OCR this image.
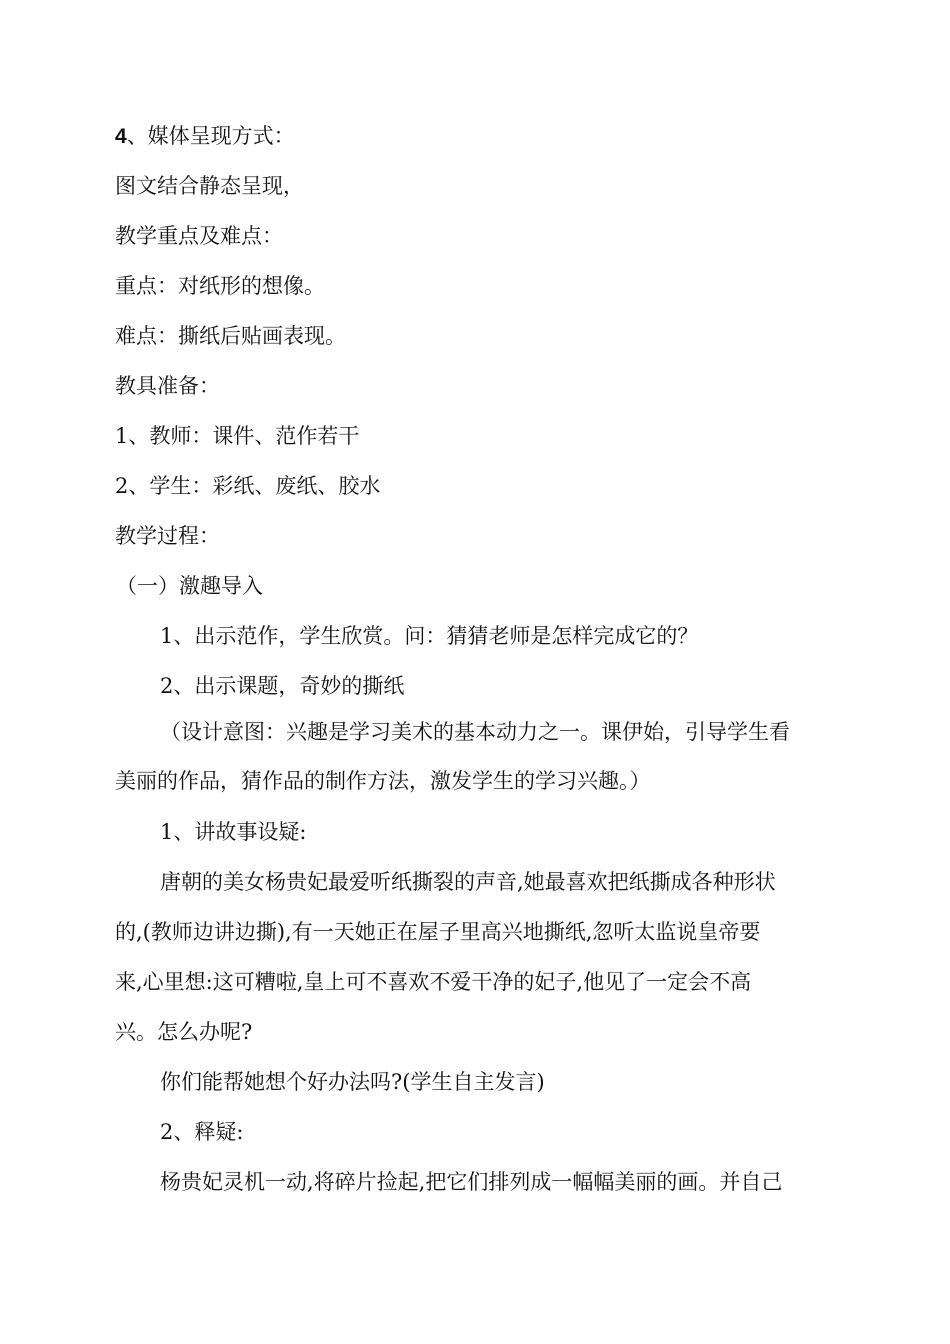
4、媒体呈现方式：
图文结合静态呈现，
教学重点及难点：
重点：对纸形的想像。
难点：撕纸后贴画表现。
教具准备：
1、教师：课件、范作若干
2、学生：彩纸、废纸、胶水
教学过程：
（一）激趣导入
1、出示范作，学生欣赏。问：猜猜老师是怎样完成它的？
2、出示课题，奇妙的撕纸
（设计意图：兴趣是学习美术的基本动力之一。课伊始，引导学生看
美丽的作品，猜作品的制作方法，激发学生的学习兴趣。）
1、讲故事设疑:
唐朝的美女杨贵妃最爱听纸撕裂的声音,她最喜欢把纸撕成各种形状
的,(教师边讲边撕),有一天她正在屋子里高兴地撕纸,忽听太监说皇帝要
来,心里想:这可糟啦,皇上可不喜欢不爱干净的妃子,他见了一定会不高
兴。怎么办呢?
你们能帮她想个好办法吗?(学生自主发言)
2、释疑:
杨贵妃灵机一动,将碎片捡起,把它们排列成一幅幅美丽的画。并自己
